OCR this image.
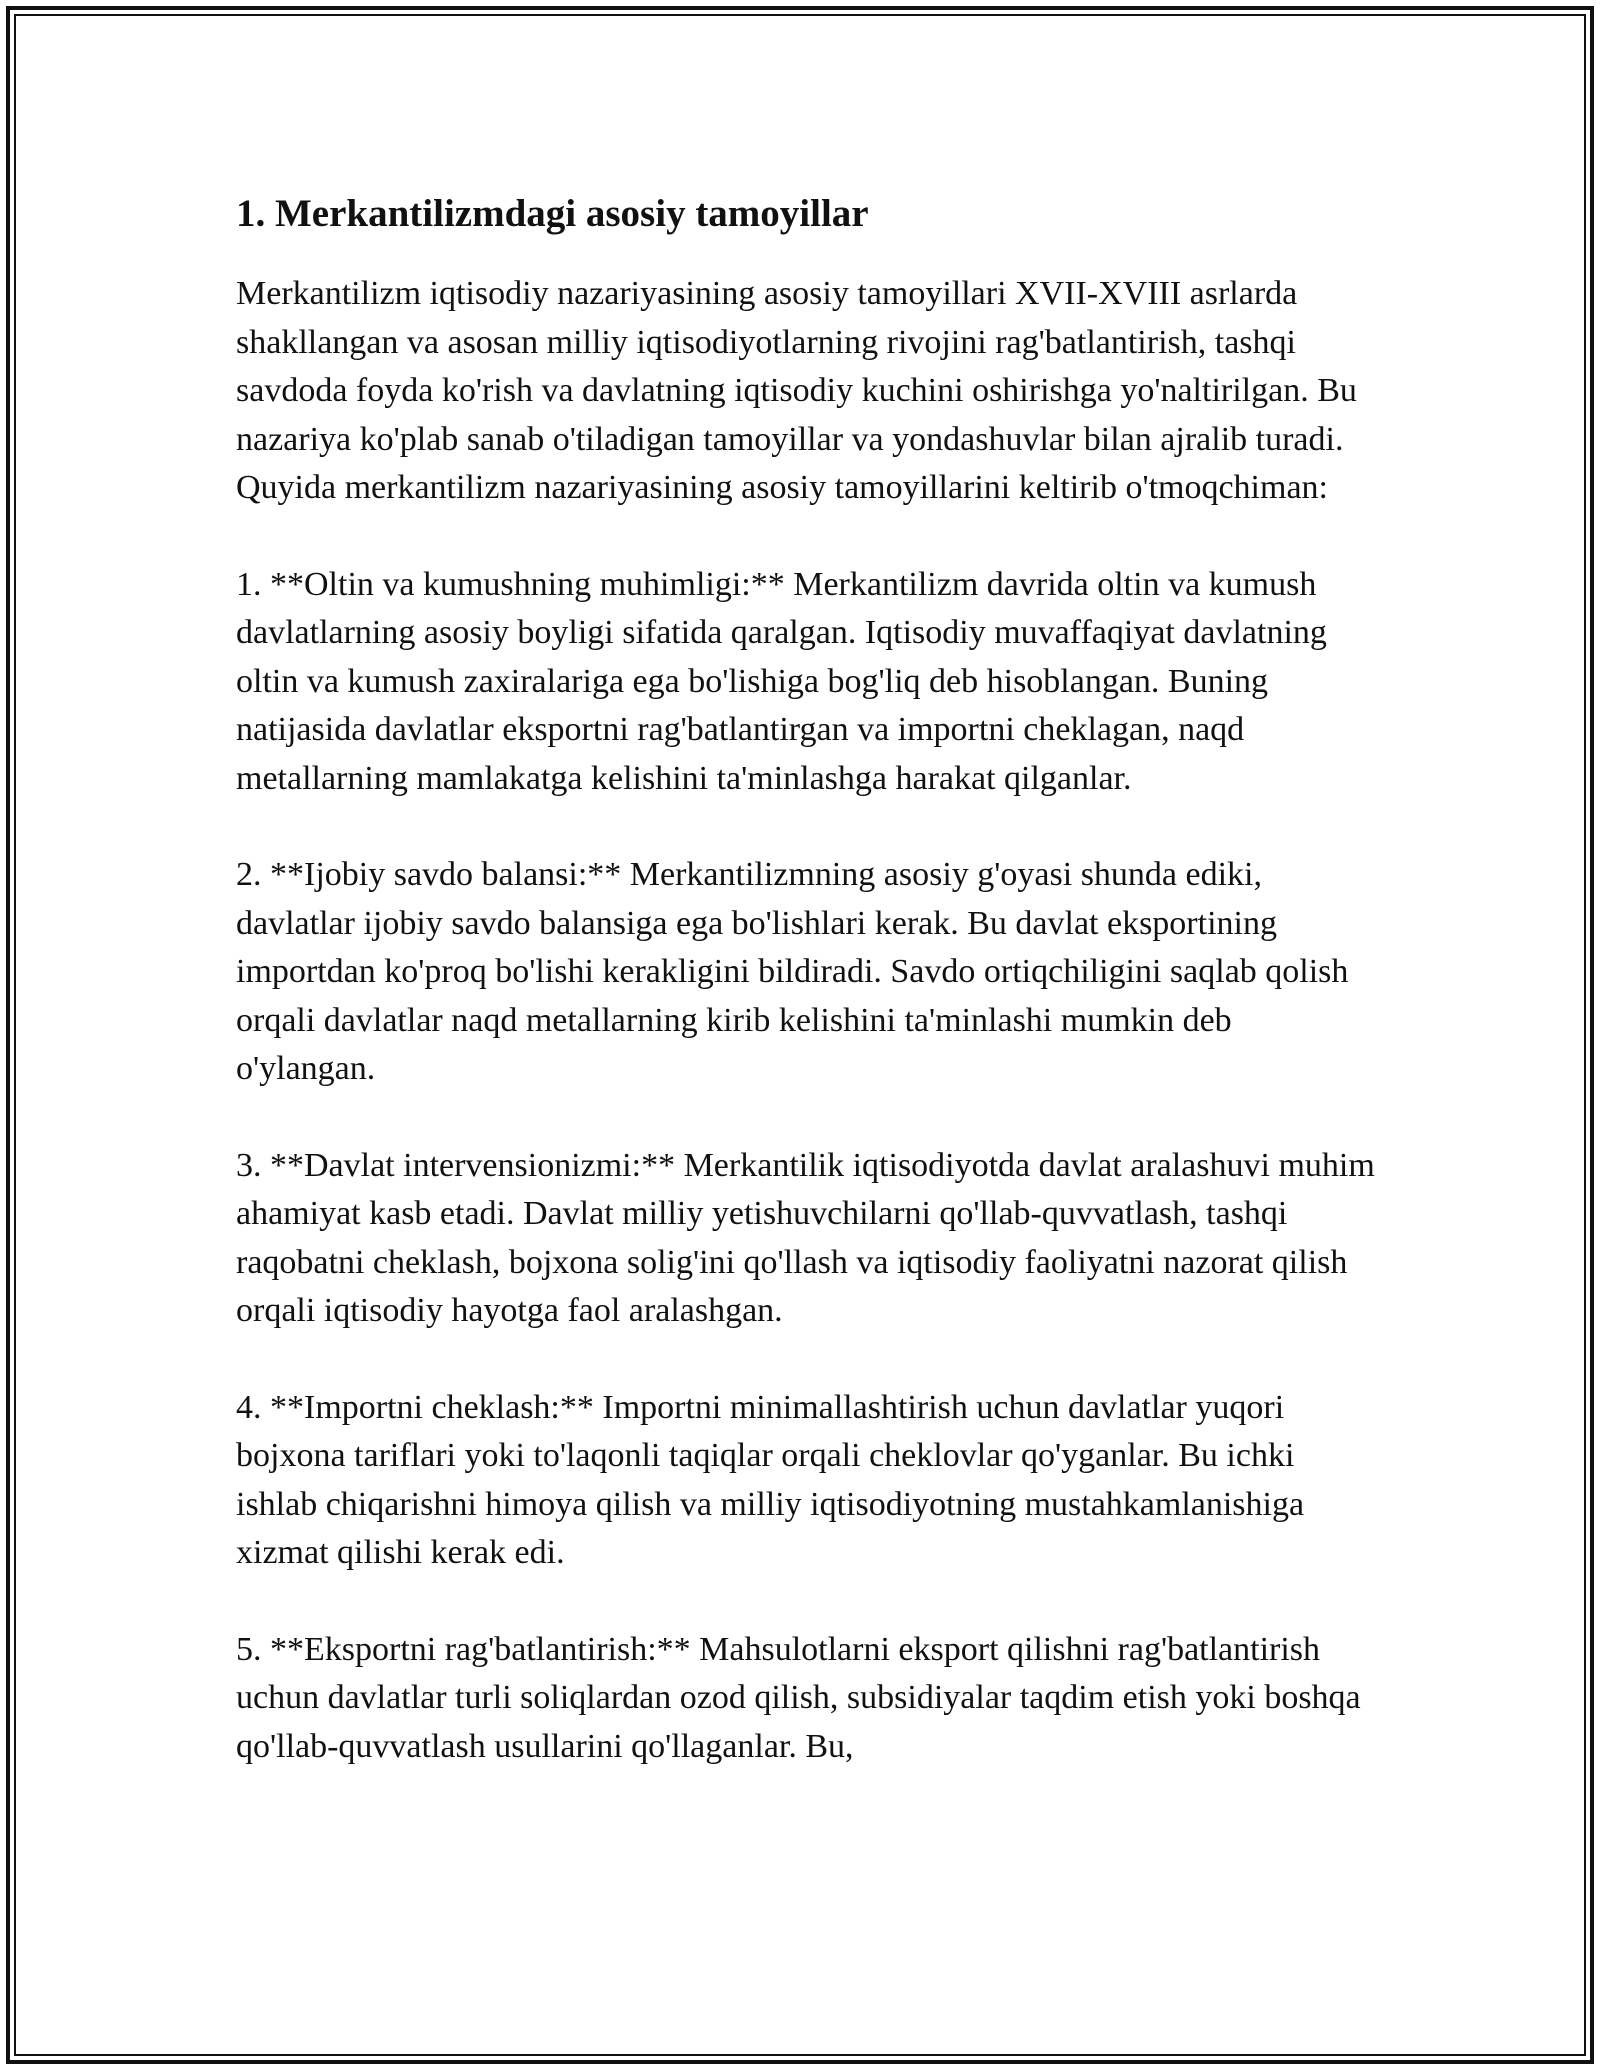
1. Merkantilizmdagi asosiy tamoyillar

Merkantilizm iqtisodiy nazariyasining asosiy tamoyillari XVII-XVIII asrlarda shakllangan va asosan milliy iqtisodiyotlarning rivojini rag'batlantirish, tashqi savdoda foyda ko'rish va davlatning iqtisodiy kuchini oshirishga yo'naltirilgan. Bu nazariya ko'plab sanab o'tiladigan tamoyillar va yondashuvlar bilan ajralib turadi. Quyida merkantilizm nazariyasining asosiy tamoyillarini keltirib o'tmoqchiman:

1. **Oltin va kumushning muhimligi:** Merkantilizm davrida oltin va kumush davlatlarning asosiy boyligi sifatida qaralgan. Iqtisodiy muvaffaqiyat davlatning oltin va kumush zaxiralariga ega bo'lishiga bog'liq deb hisoblangan. Buning natijasida davlatlar eksportni rag'batlantirgan va importni cheklagan, naqd metallarning mamlakatga kelishini ta'minlashga harakat qilganlar.

2. **Ijobiy savdo balansi:** Merkantilizmning asosiy g'oyasi shunda ediki, davlatlar ijobiy savdo balansiga ega bo'lishlari kerak. Bu davlat eksportining importdan ko'proq bo'lishi kerakligini bildiradi. Savdo ortiqchiligini saqlab qolish orqali davlatlar naqd metallarning kirib kelishini ta'minlashi mumkin deb o'ylangan.

3. **Davlat intervensionizmi:** Merkantilik iqtisodiyotda davlat aralashuvi muhim ahamiyat kasb etadi. Davlat milliy yetishuvchilarni qo'llab-quvvatlash, tashqi raqobatni cheklash, bojxona solig'ini qo'llash va iqtisodiy faoliyatni nazorat qilish orqali iqtisodiy hayotga faol aralashgan.

4. **Importni cheklash:** Importni minimallashtirish uchun davlatlar yuqori bojxona tariflari yoki to'laqonli taqiqlar orqali cheklovlar qo'yganlar. Bu ichki ishlab chiqarishni himoya qilish va milliy iqtisodiyotning mustahkamlanishiga xizmat qilishi kerak edi.

5. **Eksportni rag'batlantirish:** Mahsulotlarni eksport qilishni rag'batlantirish uchun davlatlar turli soliqlardan ozod qilish, subsidiyalar taqdim etish yoki boshqa qo'llab-quvvatlash usullarini qo'llaganlar. Bu,
